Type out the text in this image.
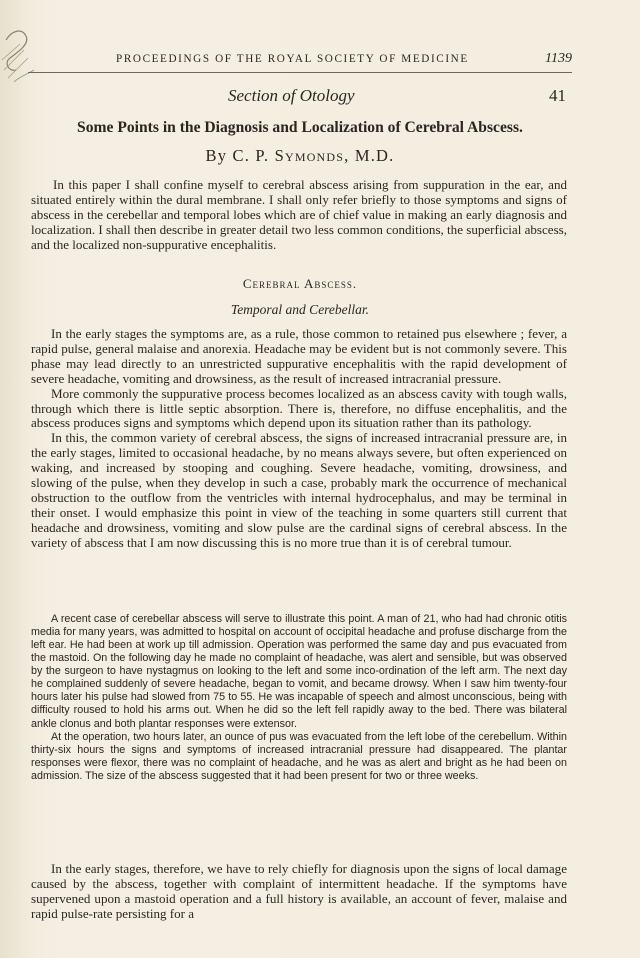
PROCEEDINGS OF THE ROYAL SOCIETY OF MEDICINE	1139
Section of Otology	41
Some Points in the Diagnosis and Localization of Cerebral Abscess.
By C. P. Symonds, M.D.

In this paper I shall confine myself to cerebral abscess arising from suppuration in the ear, and situated entirely within the dural membrane. I shall only refer briefly to those symptoms and signs of abscess in the cerebellar and temporal lobes which are of chief value in making an early diagnosis and localization. I shall then describe in greater detail two less common conditions, the superficial abscess, and the localized non-suppurative encephalitis.

Cerebral Abscess.
Temporal and Cerebellar.

In the early stages the symptoms are, as a rule, those common to retained pus elsewhere ; fever, a rapid pulse, general malaise and anorexia. Headache may be evident but is not commonly severe. This phase may lead directly to an unrestricted suppurative encephalitis with the rapid development of severe headache, vomiting and drowsiness, as the result of increased intracranial pressure.

More commonly the suppurative process becomes localized as an abscess cavity with tough walls, through which there is little septic absorption. There is, therefore, no diffuse encephalitis, and the abscess produces signs and symptoms which depend upon its situation rather than its pathology.

In this, the common variety of cerebral abscess, the signs of increased intracranial pressure are, in the early stages, limited to occasional headache, by no means always severe, but often experienced on waking, and increased by stooping and coughing. Severe headache, vomiting, drowsiness, and slowing of the pulse, when they develop in such a case, probably mark the occurrence of mechanical obstruction to the outflow from the ventricles with internal hydrocephalus, and may be terminal in their onset. I would emphasize this point in view of the teaching in some quarters still current that headache and drowsiness, vomiting and slow pulse are the cardinal signs of cerebral abscess. In the variety of abscess that I am now discussing this is no more true than it is of cerebral tumour.

A recent case of cerebellar abscess will serve to illustrate this point. A man of 21, who had had chronic otitis media for many years, was admitted to hospital on account of occipital headache and profuse discharge from the left ear. He had been at work up till admission. Operation was performed the same day and pus evacuated from the mastoid. On the following day he made no complaint of headache, was alert and sensible, but was observed by the surgeon to have nystagmus on looking to the left and some inco-ordination of the left arm. The next day he complained suddenly of severe headache, began to vomit, and became drowsy. When I saw him twenty-four hours later his pulse had slowed from 75 to 55. He was incapable of speech and almost unconscious, being with difficulty roused to hold his arms out. When he did so the left fell rapidly away to the bed. There was bilateral ankle clonus and both plantar responses were extensor.

At the operation, two hours later, an ounce of pus was evacuated from the left lobe of the cerebellum. Within thirty-six hours the signs and symptoms of increased intracranial pressure had disappeared. The plantar responses were flexor, there was no complaint of headache, and he was as alert and bright as he had been on admission. The size of the abscess suggested that it had been present for two or three weeks.

In the early stages, therefore, we have to rely chiefly for diagnosis upon the signs of local damage caused by the abscess, together with complaint of intermittent headache. If the symptoms have supervened upon a mastoid operation and a full history is available, an account of fever, malaise and rapid pulse-rate persisting for a
